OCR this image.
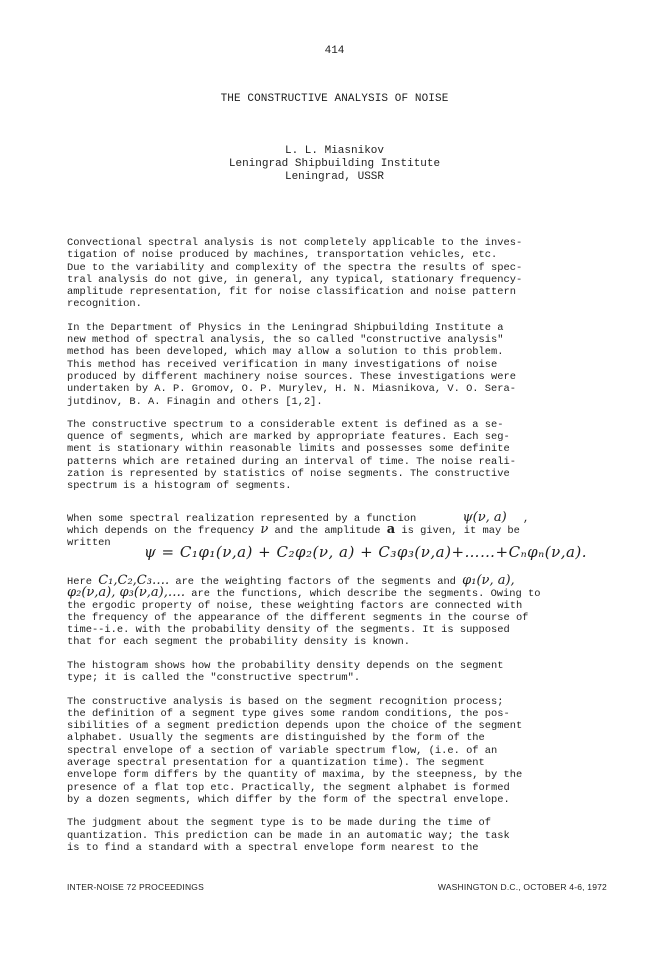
414
THE CONSTRUCTIVE ANALYSIS OF NOISE
L. L. Miasnikov
Leningrad Shipbuilding Institute
Leningrad, USSR
Convectional spectral analysis is not completely applicable to the inves-
tigation of noise produced by machines, transportation vehicles, etc.
Due to the variability and complexity of the spectra the results of spec-
tral analysis do not give, in general, any typical, stationary frequency-
amplitude representation, fit for noise classification and noise pattern
recognition.
In the Department of Physics in the Leningrad Shipbuilding Institute a
new method of spectral analysis, the so called "constructive analysis"
method has been developed, which may allow a solution to this problem.
This method has received verification in many investigations of noise
produced by different machinery noise sources. These investigations were
undertaken by A. P. Gromov, O. P. Murylev, H. N. Miasnikova, V. O. Sera-
jutdinov, B. A. Finagin and others [1,2].
The constructive spectrum to a considerable extent is defined as a se-
quence of segments, which are marked by appropriate features. Each seg-
ment is stationary within reasonable limits and possesses some definite
patterns which are retained during an interval of time. The noise reali-
zation is represented by statistics of noise segments. The constructive
spectrum is a histogram of segments.
When some spectral realization represented by a function	ψ(ν, a) ,
which depends on the frequency ν and the amplitude a is given, it may be
written
ψ = C₁φ₁(ν,a) + C₂φ₂(ν, a) + C₃φ₃(ν,a)+……+Cₙφₙ(ν,a).
Here C₁,C₂,C₃…. are the weighting factors of the segments and φ₁(ν, a),
φ₂(ν,a), φ₃(ν,a),…. are the functions, which describe the segments. Owing to
the ergodic property of noise, these weighting factors are connected with
the frequency of the appearance of the different segments in the course of
time--i.e. with the probability density of the segments. It is supposed
that for each segment the probability density is known.
The histogram shows how the probability density depends on the segment
type; it is called the "constructive spectrum".
The constructive analysis is based on the segment recognition process;
the definition of a segment type gives some random conditions, the pos-
sibilities of a segment prediction depends upon the choice of the segment
alphabet. Usually the segments are distinguished by the form of the
spectral envelope of a section of variable spectrum flow, (i.e. of an
average spectral presentation for a quantization time). The segment
envelope form differs by the quantity of maxima, by the steepness, by the
presence of a flat top etc. Practically, the segment alphabet is formed
by a dozen segments, which differ by the form of the spectral envelope.
The judgment about the segment type is to be made during the time of
quantization. This prediction can be made in an automatic way; the task
is to find a standard with a spectral envelope form nearest to the
INTER-NOISE 72 PROCEEDINGS	WASHINGTON D.C., OCTOBER 4-6, 1972
